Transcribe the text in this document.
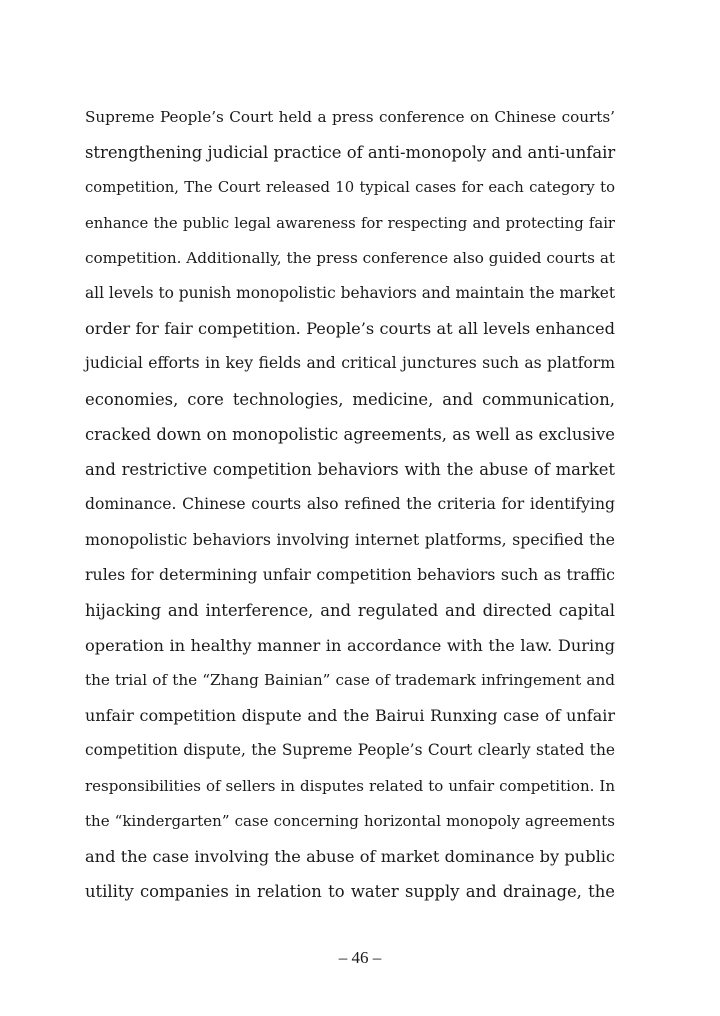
Supreme People’s Court held a press conference on Chinese courts’
strengthening judicial practice of anti-monopoly and anti-unfair
competition, The Court released 10 typical cases for each category to
enhance the public legal awareness for respecting and protecting fair
competition. Additionally, the press conference also guided courts at
all levels to punish monopolistic behaviors and maintain the market
order for fair competition. People’s courts at all levels enhanced
judicial efforts in key fields and critical junctures such as platform
economies, core technologies, medicine, and communication,
cracked down on monopolistic agreements, as well as exclusive
and restrictive competition behaviors with the abuse of market
dominance. Chinese courts also refined the criteria for identifying
monopolistic behaviors involving internet platforms, specified the
rules for determining unfair competition behaviors such as traffic
hijacking and interference, and regulated and directed capital
operation in healthy manner in accordance with the law. During
the trial of the “Zhang Bainian” case of trademark infringement and
unfair competition dispute and the Bairui Runxing case of unfair
competition dispute, the Supreme People’s Court clearly stated the
responsibilities of sellers in disputes related to unfair competition. In
the “kindergarten” case concerning horizontal monopoly agreements
and the case involving the abuse of market dominance by public
utility companies in relation to water supply and drainage, the
– 46 –
